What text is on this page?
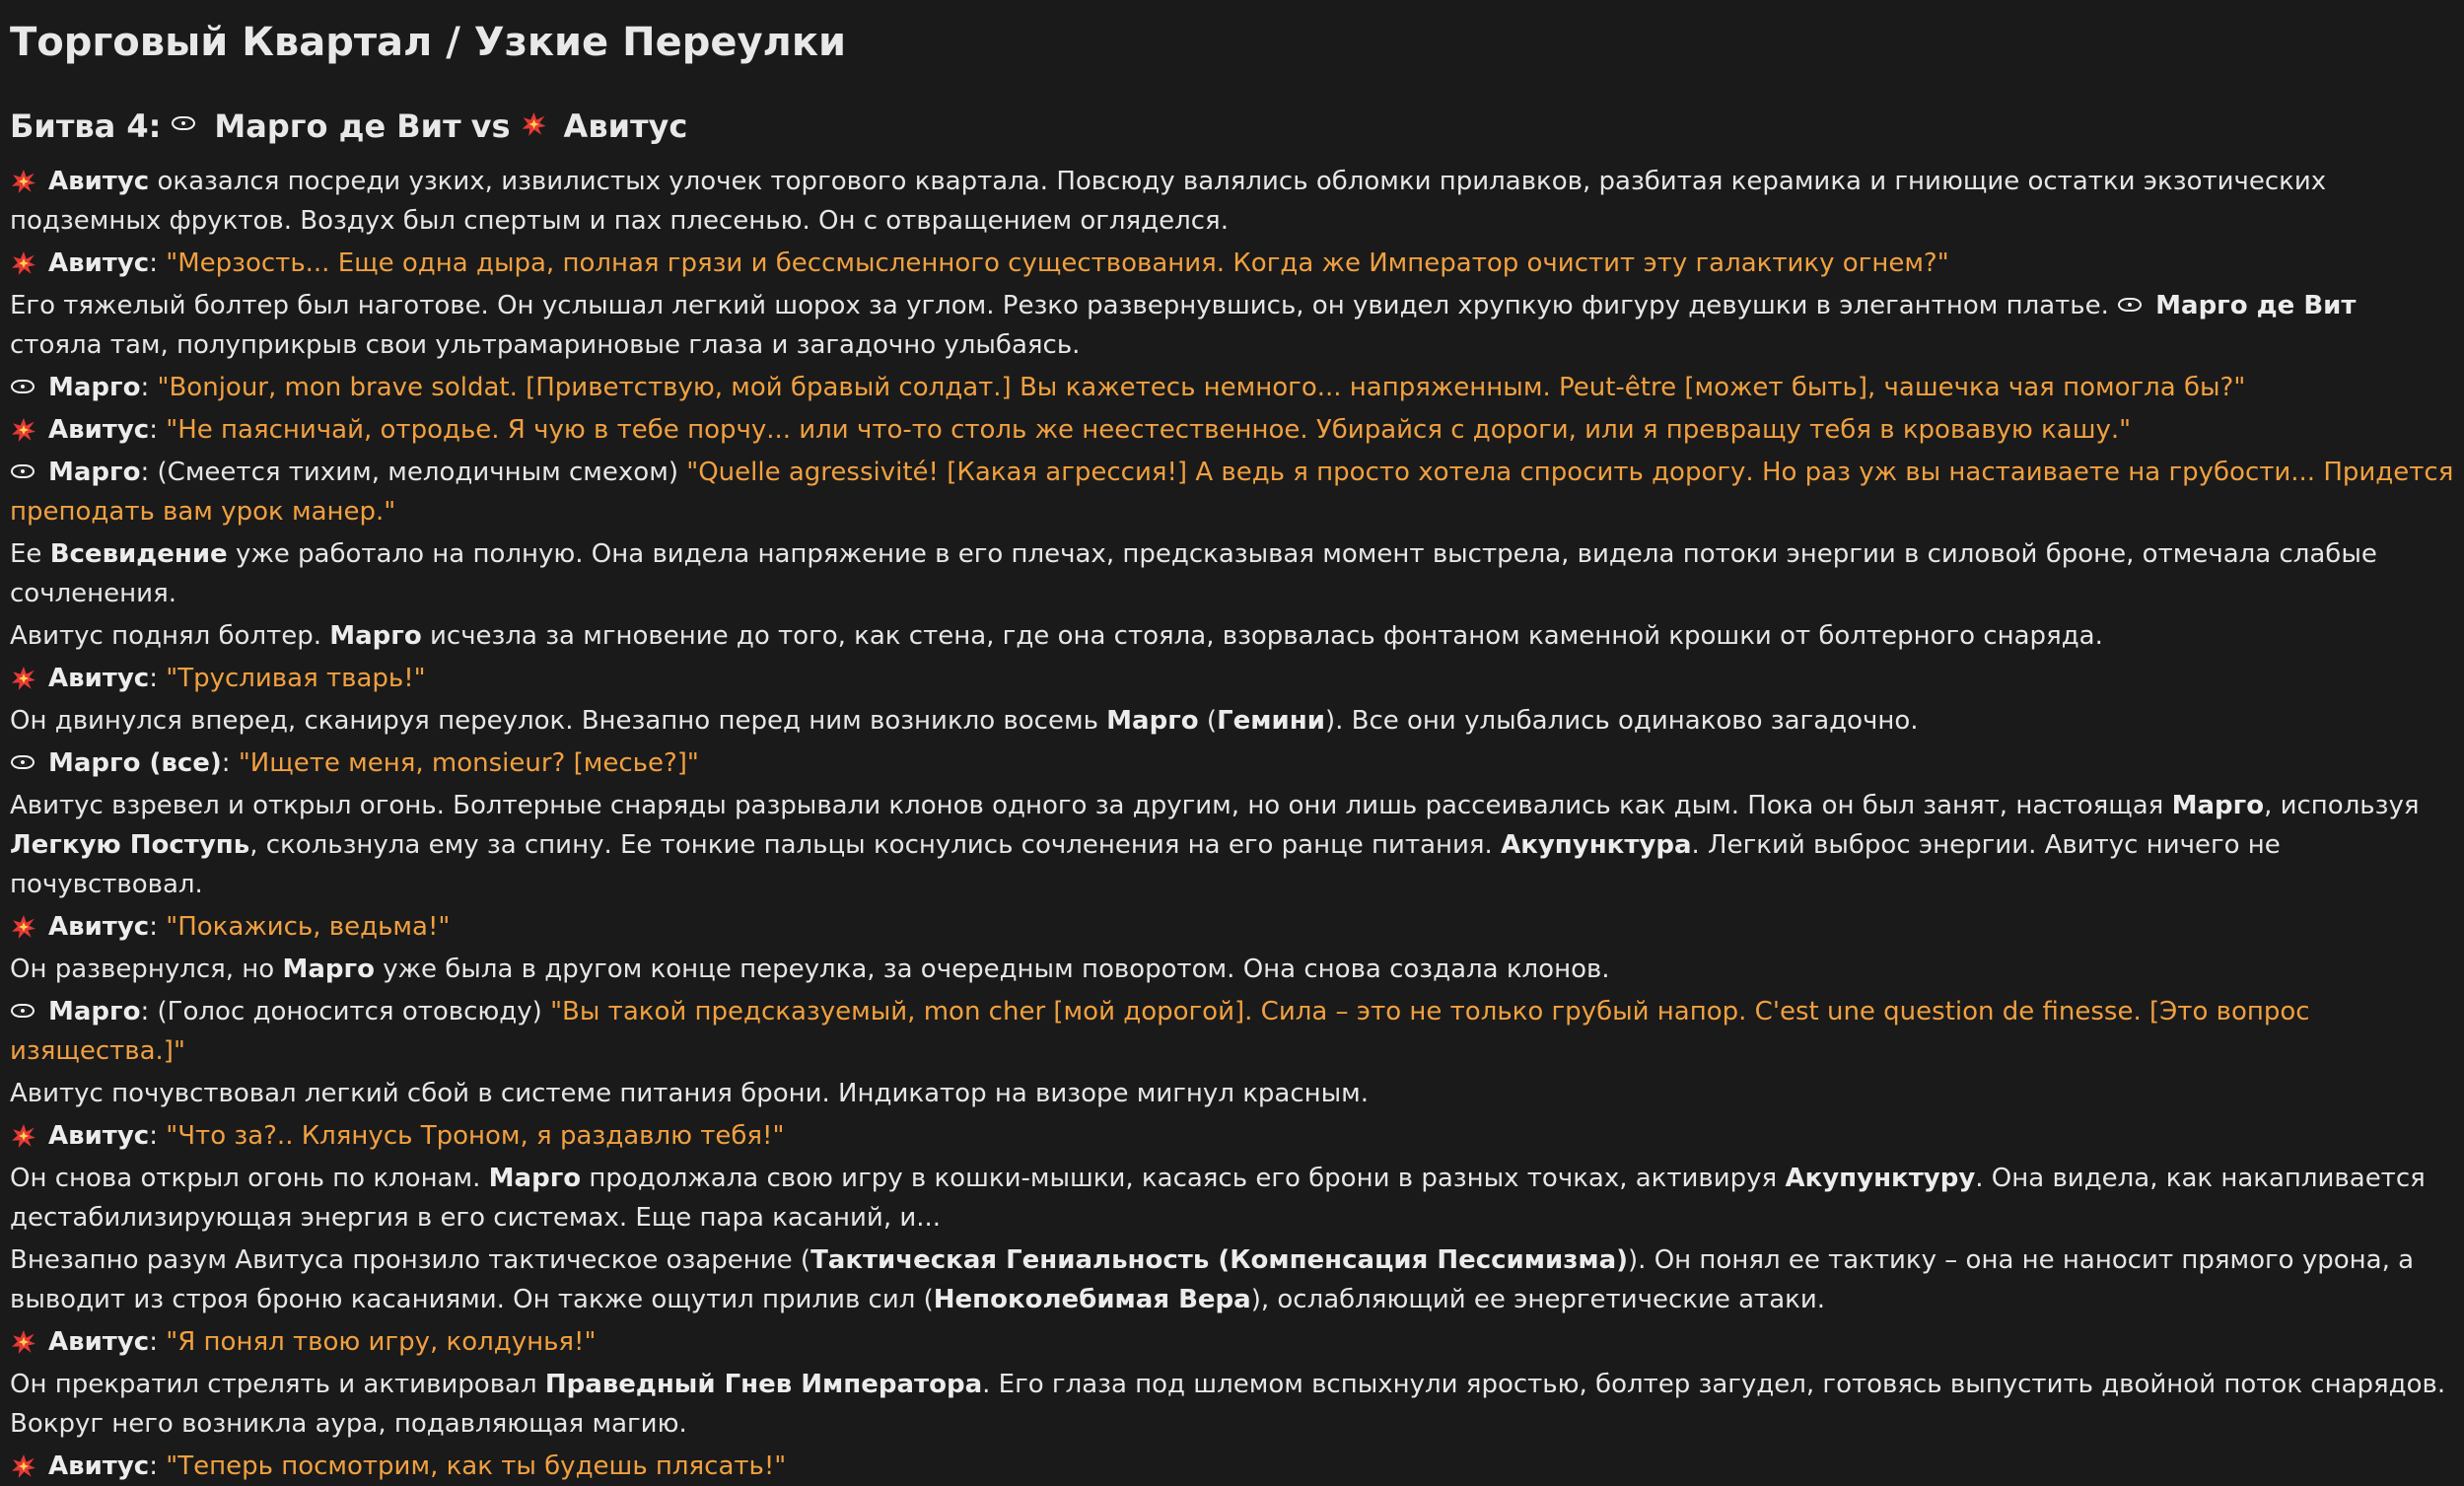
Торговый Квартал / Узкие Переулки
Битва 4: Марго де Вит vs Авитус
Авитус оказался посреди узких, извилистых улочек торгового квартала. Повсюду валялись обломки прилавков, разбитая керамика и гниющие остатки экзотических подземных фруктов. Воздух был спертым и пах плесенью. Он с отвращением огляделся.
Авитус: "Мерзость... Еще одна дыра, полная грязи и бессмысленного существования. Когда же Император очистит эту галактику огнем?"
Его тяжелый болтер был наготове. Он услышал легкий шорох за углом. Резко развернувшись, он увидел хрупкую фигуру девушки в элегантном платье. Марго де Вит стояла там, полуприкрыв свои ультрамариновые глаза и загадочно улыбаясь.
Марго: "Bonjour, mon brave soldat. [Приветствую, мой бравый солдат.] Вы кажетесь немного... напряженным. Peut-être [может быть], чашечка чая помогла бы?"
Авитус: "Не паясничай, отродье. Я чую в тебе порчу... или что-то столь же неестественное. Убирайся с дороги, или я превращу тебя в кровавую кашу."
Марго: (Смеется тихим, мелодичным смехом) "Quelle agressivité! [Какая агрессия!] А ведь я просто хотела спросить дорогу. Но раз уж вы настаиваете на грубости... Придется преподать вам урок манер."
Ее Всевидение уже работало на полную. Она видела напряжение в его плечах, предсказывая момент выстрела, видела потоки энергии в силовой броне, отмечала слабые сочленения.
Авитус поднял болтер. Марго исчезла за мгновение до того, как стена, где она стояла, взорвалась фонтаном каменной крошки от болтерного снаряда.
Авитус: "Трусливая тварь!"
Он двинулся вперед, сканируя переулок. Внезапно перед ним возникло восемь Марго (Гемини). Все они улыбались одинаково загадочно.
Марго (все): "Ищете меня, monsieur? [месье?]"
Авитус взревел и открыл огонь. Болтерные снаряды разрывали клонов одного за другим, но они лишь рассеивались как дым. Пока он был занят, настоящая Марго, используя Легкую Поступь, скользнула ему за спину. Ее тонкие пальцы коснулись сочленения на его ранце питания. Акупунктура. Легкий выброс энергии. Авитус ничего не почувствовал.
Авитус: "Покажись, ведьма!"
Он развернулся, но Марго уже была в другом конце переулка, за очередным поворотом. Она снова создала клонов.
Марго: (Голос доносится отовсюду) "Вы такой предсказуемый, mon cher [мой дорогой]. Сила – это не только грубый напор. C'est une question de finesse. [Это вопрос изящества.]"
Авитус почувствовал легкий сбой в системе питания брони. Индикатор на визоре мигнул красным.
Авитус: "Что за?.. Клянусь Троном, я раздавлю тебя!"
Он снова открыл огонь по клонам. Марго продолжала свою игру в кошки-мышки, касаясь его брони в разных точках, активируя Акупунктуру. Она видела, как накапливается дестабилизирующая энергия в его системах. Еще пара касаний, и...
Внезапно разум Авитуса пронзило тактическое озарение (Тактическая Гениальность (Компенсация Пессимизма)). Он понял ее тактику – она не наносит прямого урона, а выводит из строя броню касаниями. Он также ощутил прилив сил (Непоколебимая Вера), ослабляющий ее энергетические атаки.
Авитус: "Я понял твою игру, колдунья!"
Он прекратил стрелять и активировал Праведный Гнев Императора. Его глаза под шлемом вспыхнули яростью, болтер загудел, готовясь выпустить двойной поток снарядов. Вокруг него возникла аура, подавляющая магию.
Авитус: "Теперь посмотрим, как ты будешь плясать!"
